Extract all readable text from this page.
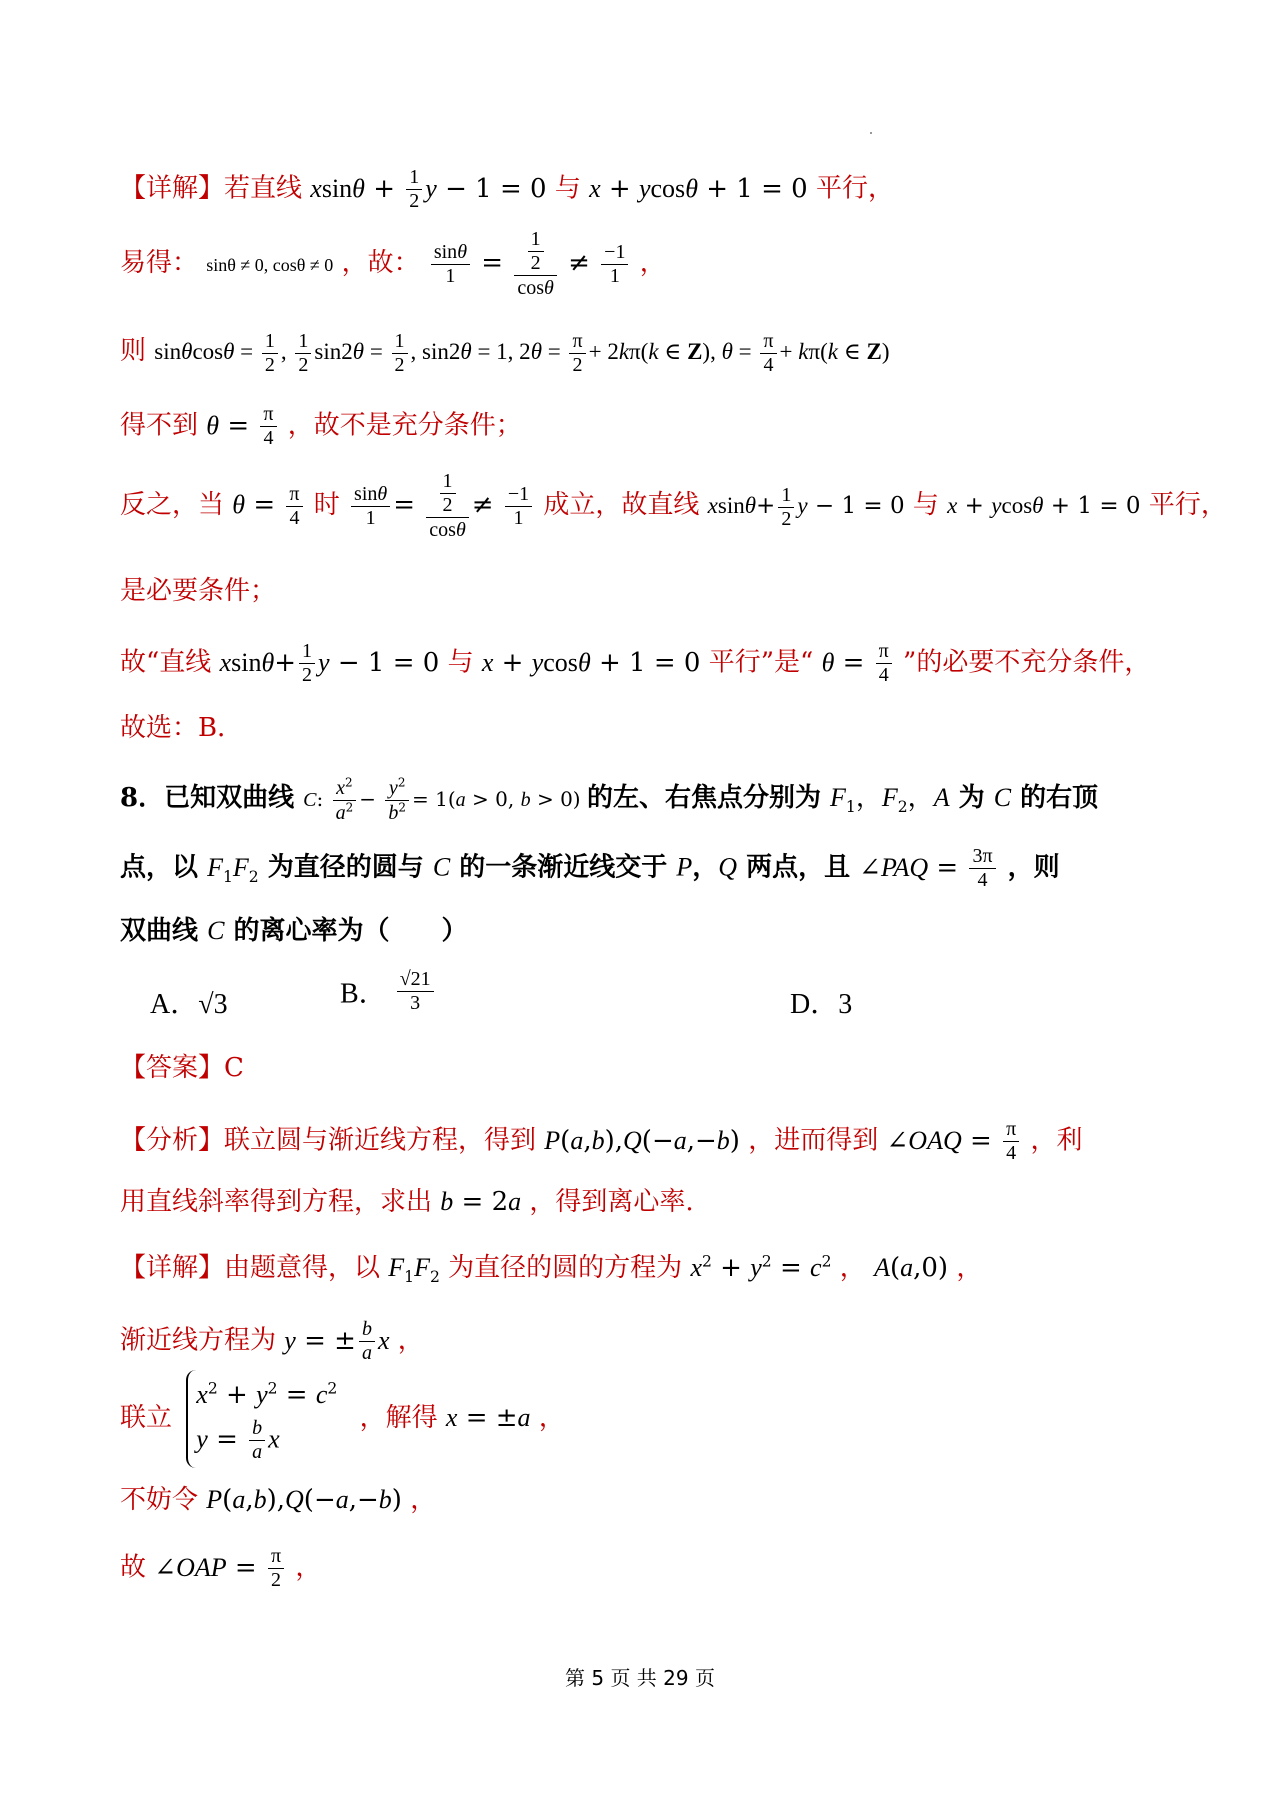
【详解】若直线 $xsin\theta + \frac{1}{2}$ y − 1 = 0 与 x + ycosθ + 1 = 0 平行，
易得： sinθ ≠ 0, cosθ ≠ 0 ，故： $\frac{\sin\theta}{1} = \frac{\frac{1}{2}}{\cos\theta} \ne \frac{-1}{1}$ ，
则 $\sin\theta\cos\theta = \frac{1}{2}$ , $\frac{1}{2} \sin 2\theta = \frac{1}{2}$ , sin2θ = 1, $2\theta = \frac{\pi}{2} + 2k\pi(k$ ∈ Z), $\theta = \frac{\pi}{4} + k\pi(k$ ∈ Z)
得不到 $\theta = \frac{\pi}{4}$ ，故不是充分条件；
反之，当 $\theta = \frac{\pi}{4}$ 时 $\frac{\sin\theta}{1} = \frac{\frac{1}{2}}{\cos\theta} \ne \frac{-1}{1}$ 成立，故直线 $xsin\theta+ \frac{1}{2}$ y − 1 = 0 与 x + ycosθ + 1 = 0 平行，
是必要条件；
故“直线 $xsin\theta+ \frac{1}{2}$ y − 1 = 0 与 x + ycosθ + 1 = 0 平行”是“ $\theta = \frac{\pi}{4}$ ”的必要不充分条件，
故选：B．
8．已知双曲线 C: $\frac{x^2}{a^2} - \frac{y^2}{b^2} = 1(a > 0$, b > 0) 的左、右焦点分别为 $F_1$，$F_2$，A 为 C 的右顶
点，以 $F_1F_2$ 为直径的圆与 C 的一条渐近线交于 P，Q 两点，且 ∠PAQ = $\frac{3\pi}{4}$ ，则
双曲线 C 的离心率为（　　）
A．√3	B． $\frac{√21}{3}$	D．3
【答案】C
【分析】联立圆与渐近线方程，得到 P(a,b),Q(−a,−b) ，进而得到 ∠OAQ = $\frac{\pi}{4}$ ，利
用直线斜率得到方程，求出 b = 2a ，得到离心率.
【详解】由题意得，以 $F_1F_2$ 为直径的圆的方程为 $x^2 + y^2 = c^2$ ， A(a,0) ，
渐近线方程为 y = ± $\frac{b}{a}$ x ，
联立
$x^2 + y^2 = c^2$
$y = \frac{b}{a}$ x
，解得 x = ±a ，
不妨令 P(a,b),Q(−a,−b) ，
故 ∠OAP = $\frac{\pi}{2}$ ，
第 5 页 共 29 页
